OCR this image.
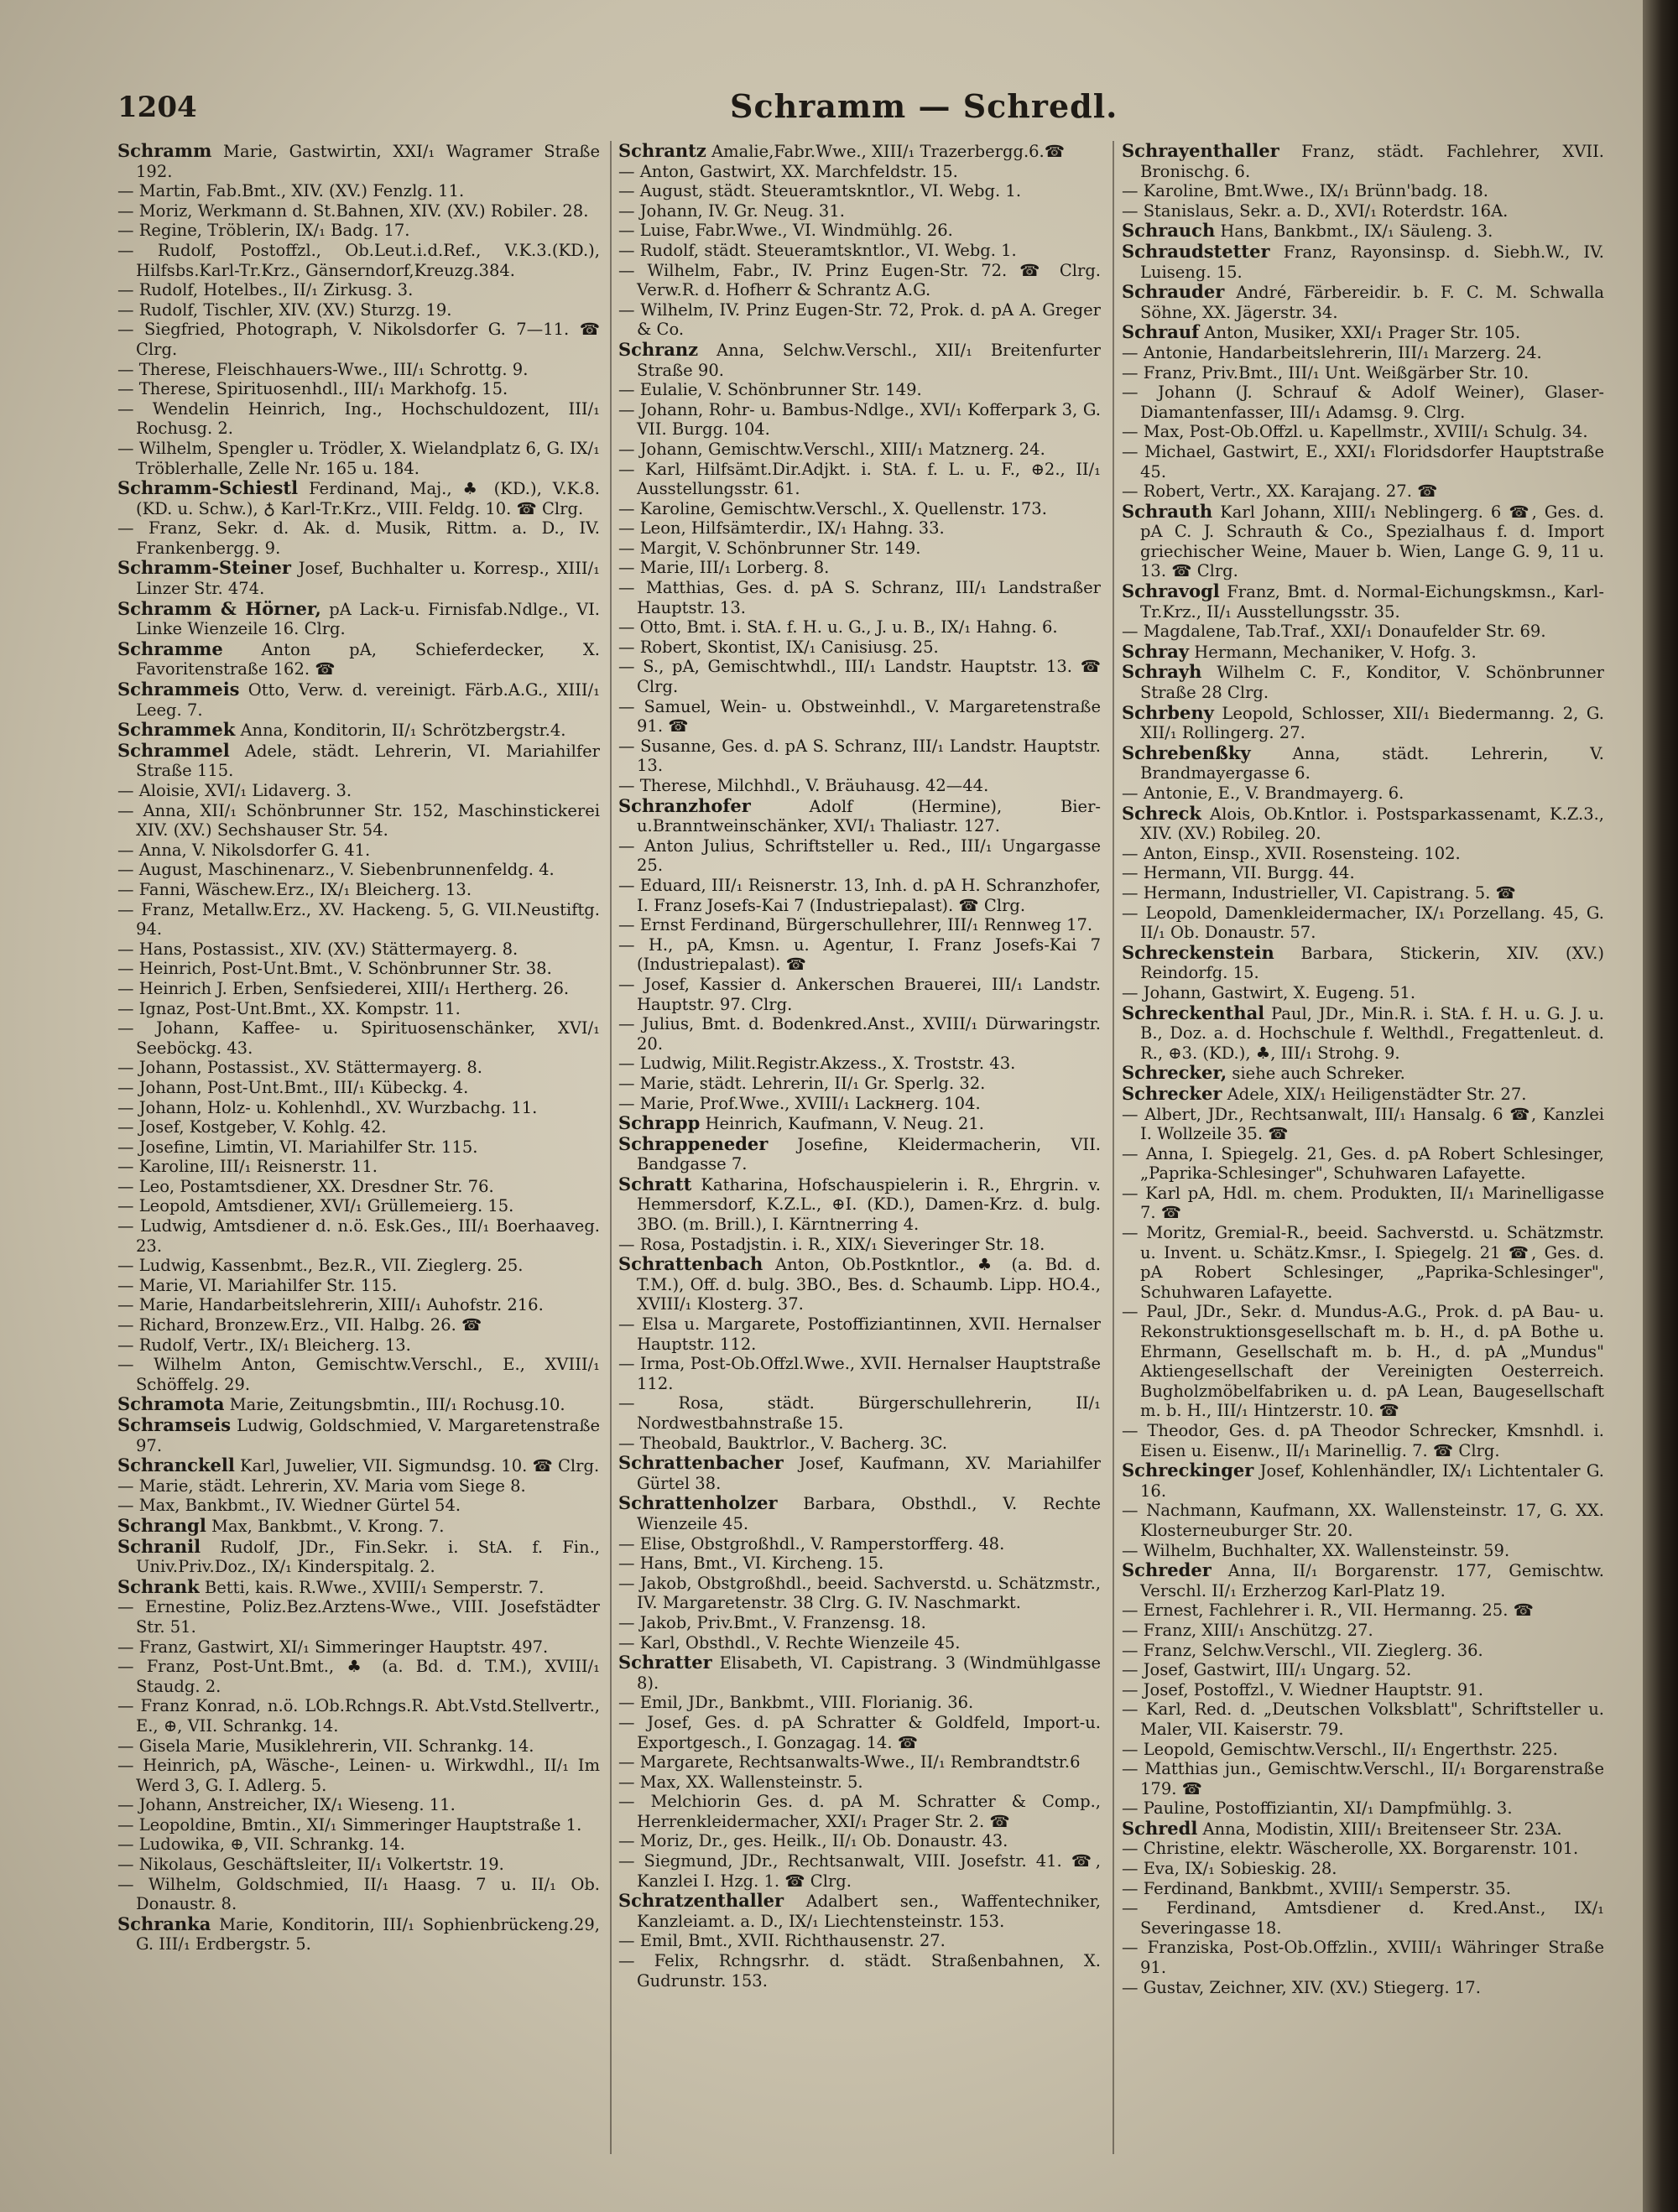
1204	Schramm — Schredl.
Schramm Marie, Gastwirtin, XXI/₁ Wagramer Straße 192.
— Martin, Fab.Bmt., XIV. (XV.) Fenzlg. 11.
— Moriz, Werkmann d. St.Bahnen, XIV. (XV.) Robilег. 28.
— Regine, Tröblerin, IX/₁ Badg. 17.
— Rudolf, Postoffzl., Ob.Leut.i.d.Ref., V.K.3.(KD.), Hilfsbs.Karl-Tr.Krz., Gänserndorf,Kreuzg.384.
— Rudolf, Hotelbes., II/₁ Zirkusg. 3.
— Rudolf, Tischler, XIV. (XV.) Sturzg. 19.
— Siegfried, Photograph, V. Nikolsdorfer G. 7—11. ☎ Clrg.
— Therese, Fleischhauers-Wwe., III/₁ Schrottg. 9.
— Therese, Spirituosenhdl., III/₁ Markhofg. 15.
— Wendelin Heinrich, Ing., Hochschuldozent, III/₁ Rochusg. 2.
— Wilhelm, Spengler u. Trödler, X. Wielandplatz 6, G. IX/₁ Tröblerhalle, Zelle Nr. 165 u. 184.
Schramm-Schiestl Ferdinand, Maj., ♣ (KD.), V.K.8. (KD. u. Schw.), ♁ Karl-Tr.Krz., VIII. Feldg. 10. ☎ Clrg.
— Franz, Sekr. d. Ak. d. Musik, Rittm. a. D., IV. Frankenbergg. 9.
Schramm-Steiner Josef, Buchhalter u. Korresp., XIII/₁ Linzer Str. 474.
Schramm & Hörner, pA Lack-u. Firnisfab.Ndlge., VI. Linke Wienzeile 16. Clrg.
Schramme Anton pA, Schieferdecker, X. Favoritenstraße 162. ☎
Schrammeis Otto, Verw. d. vereinigt. Färb.A.G., XIII/₁ Leeg. 7.
Schrammek Anna, Konditorin, II/₁ Schrötzbergstr.4.
Schrammel Adele, städt. Lehrerin, VI. Mariahilfer Straße 115.
— Aloisie, XVI/₁ Lidaverg. 3.
— Anna, XII/₁ Schönbrunner Str. 152, Maschinstickerei XIV. (XV.) Sechshauser Str. 54.
— Anna, V. Nikolsdorfer G. 41.
— August, Maschinenarz., V. Siebenbrunnenfeldg. 4.
— Fanni, Wäschew.Erz., IX/₁ Bleicherg. 13.
— Franz, Metallw.Erz., XV. Hackeng. 5, G. VII.Neustiftg. 94.
— Hans, Postassist., XIV. (XV.) Stättermayerg. 8.
— Heinrich, Post-Unt.Bmt., V. Schönbrunner Str. 38.
— Heinrich J. Erben, Senfsiederei, XIII/₁ Hertherg. 26.
— Ignaz, Post-Unt.Bmt., XX. Kompstr. 11.
— Johann, Kaffee- u. Spirituosenschänker, XVI/₁ Seeböckg. 43.
— Johann, Postassist., XV. Stättermayerg. 8.
— Johann, Post-Unt.Bmt., III/₁ Kübeckg. 4.
— Johann, Holz- u. Kohlenhdl., XV. Wurzbachg. 11.
— Josef, Kostgeber, V. Kohlg. 42.
— Josefine, Limtin, VI. Mariahilfer Str. 115.
— Karoline, III/₁ Reisnerstr. 11.
— Leo, Postamtsdiener, XX. Dresdner Str. 76.
— Leopold, Amtsdiener, XVI/₁ Grüllemeierg. 15.
— Ludwig, Amtsdiener d. n.ö. Esk.Ges., III/₁ Boerhaaveg. 23.
— Ludwig, Kassenbmt., Bez.R., VII. Zieglerg. 25.
— Marie, VI. Mariahilfer Str. 115.
— Marie, Handarbeitslehrerin, XIII/₁ Auhofstr. 216.
— Richard, Bronzew.Erz., VII. Halbg. 26. ☎
— Rudolf, Vertr., IX/₁ Bleicherg. 13.
— Wilhelm Anton, Gemischtw.Verschl., E., XVIII/₁ Schöffelg. 29.
Schramota Marie, Zeitungsbmtin., III/₁ Rochusg.10.
Schramseis Ludwig, Goldschmied, V. Margaretenstraße 97.
Schranckell Karl, Juwelier, VII. Sigmundsg. 10. ☎ Clrg.
— Marie, städt. Lehrerin, XV. Maria vom Siege 8.
— Max, Bankbmt., IV. Wiedner Gürtel 54.
Schrangl Max, Bankbmt., V. Krong. 7.
Schranil Rudolf, JDr., Fin.Sekr. i. StA. f. Fin., Univ.Priv.Doz., IX/₁ Kinderspitalg. 2.
Schrank Betti, kais. R.Wwe., XVIII/₁ Semperstr. 7.
— Ernestine, Poliz.Bez.Arztens-Wwe., VIII. Josefstädter Str. 51.
— Franz, Gastwirt, XI/₁ Simmeringer Hauptstr. 497.
— Franz, Post-Unt.Bmt., ♣ (a. Bd. d. T.M.), XVIII/₁ Staudg. 2.
— Franz Konrad, n.ö. LOb.Rchngs.R. Abt.Vstd.Stellvertr., E., ⊕, VII. Schrankg. 14.
— Gisela Marie, Musiklehrerin, VII. Schrankg. 14.
— Heinrich, pA, Wäsche-, Leinen- u. Wirkwdhl., II/₁ Im Werd 3, G. I. Adlerg. 5.
— Johann, Anstreicher, IX/₁ Wieseng. 11.
— Leopoldine, Bmtin., XI/₁ Simmeringer Hauptstraße 1.
— Ludowika, ⊕, VII. Schrankg. 14.
— Nikolaus, Geschäftsleiter, II/₁ Volkertstr. 19.
— Wilhelm, Goldschmied, II/₁ Haasg. 7 u. II/₁ Ob. Donaustr. 8.
Schranka Marie, Konditorin, III/₁ Sophienbrückeng.29, G. III/₁ Erdbergstr. 5.
Schrantz Amalie,Fabr.Wwe., XIII/₁ Trazerbergg.6.☎
— Anton, Gastwirt, XX. Marchfeldstr. 15.
— August, städt. Steueramtskntlor., VI. Webg. 1.
— Johann, IV. Gr. Neug. 31.
— Luise, Fabr.Wwe., VI. Windmühlg. 26.
— Rudolf, städt. Steueramtskntlor., VI. Webg. 1.
— Wilhelm, Fabr., IV. Prinz Eugen-Str. 72. ☎ Clrg. Verw.R. d. Hofherr & Schrantz A.G.
— Wilhelm, IV. Prinz Eugen-Str. 72, Prok. d. pA A. Greger & Co.
Schranz Anna, Selchw.Verschl., XII/₁ Breitenfurter Straße 90.
— Eulalie, V. Schönbrunner Str. 149.
— Johann, Rohr- u. Bambus-Ndlge., XVI/₁ Kofferpark 3, G. VII. Burgg. 104.
— Johann, Gemischtw.Verschl., XIII/₁ Matznerg. 24.
— Karl, Hilfsämt.Dir.Adjkt. i. StA. f. L. u. F., ⊕2., II/₁ Ausstellungsstr. 61.
— Karoline, Gemischtw.Verschl., X. Quellenstr. 173.
— Leon, Hilfsämterdir., IX/₁ Hahng. 33.
— Margit, V. Schönbrunner Str. 149.
— Marie, III/₁ Lorberg. 8.
— Matthias, Ges. d. pA S. Schranz, III/₁ Landstraßer Hauptstr. 13.
— Otto, Bmt. i. StA. f. H. u. G., J. u. B., IX/₁ Hahng. 6.
— Robert, Skontist, IX/₁ Canisiusg. 25.
— S., pA, Gemischtwhdl., III/₁ Landstr. Hauptstr. 13. ☎ Clrg.
— Samuel, Wein- u. Obstweinhdl., V. Margaretenstraße 91. ☎
— Susanne, Ges. d. pA S. Schranz, III/₁ Landstr. Hauptstr. 13.
— Therese, Milchhdl., V. Bräuhausg. 42—44.
Schranzhofer	Adolf (Hermine), Bier-u.Branntweinschänker, XVI/₁ Thaliastr. 127.
— Anton Julius, Schriftsteller u. Red., III/₁ Ungargasse 25.
— Eduard, III/₁ Reisnerstr. 13, Inh. d. pA H. Schranzhofer, I. Franz Josefs-Kai 7 (Industriepalast). ☎ Clrg.
— Ernst Ferdinand, Bürgerschullehrer, III/₁ Rennweg 17.
— H., pA, Kmsn. u. Agentur, I. Franz Josefs-Kai 7 (Industriepalast). ☎
— Josef, Kassier d. Ankerschen Brauerei, III/₁ Landstr. Hauptstr. 97. Clrg.
— Julius, Bmt. d. Bodenkred.Anst., XVIII/₁ Dürwaringstr. 20.
— Ludwig, Milit.Registr.Akzess., X. Troststr. 43.
— Marie, städt. Lehrerin, II/₁ Gr. Sperlg. 32.
— Marie, Prof.Wwe., XVIII/₁ Lackнerg. 104.
Schrapp Heinrich, Kaufmann, V. Neug. 21.
Schrappeneder Josefine, Kleidermacherin, VII. Bandgasse 7.
Schratt Katharina, Hofschauspielerin i. R., Ehrgrin. v. Hemmersdorf, K.Z.L., ⊕I. (KD.), Damen-Krz. d. bulg. 3BO. (m. Brill.), I. Kärntnerring 4.
— Rosa, Postadjstin. i. R., XIX/₁ Sieveringer Str. 18.
Schrattenbach Anton, Ob.Postkntlor., ♣ (a. Bd. d. T.M.), Off. d. bulg. 3BO., Bes. d. Schaumb. Lipp. HO.4., XVIII/₁ Klosterg. 37.
— Elsa u. Margarete, Postoffiziantinnen, XVII. Hernalser Hauptstr. 112.
— Irma, Post-Ob.Offzl.Wwe., XVII. Hernalser Hauptstraße 112.
— Rosa, städt. Bürgerschullehrerin, II/₁ Nordwestbahnstraße 15.
— Theobald, Bauktrlor., V. Bacherg. 3C.
Schrattenbacher Josef, Kaufmann, XV. Mariahilfer Gürtel 38.
Schrattenholzer Barbara, Obsthdl., V. Rechte Wienzeile 45.
— Elise, Obstgroßhdl., V. Ramperstorfferg. 48.
— Hans, Bmt., VI. Kircheng. 15.
— Jakob, Obstgroßhdl., beeid. Sachverstd. u. Schätzmstr., IV. Margaretenstr. 38 Clrg. G. IV. Naschmarkt.
— Jakob, Priv.Bmt., V. Franzensg. 18.
— Karl, Obsthdl., V. Rechte Wienzeile 45.
Schratter Elisabeth, VI. Capistrang. 3 (Windmühlgasse 8).
— Emil, JDr., Bankbmt., VIII. Florianig. 36.
— Josef, Ges. d. pA Schratter & Goldfeld, Import-u. Exportgesch., I. Gonzagag. 14. ☎
— Margarete, Rechtsanwalts-Wwe., II/₁ Rembrandtstr.6
— Max, XX. Wallensteinstr. 5.
— Melchiorin Ges. d. pA M. Schratter & Comp., Herrenkleidermacher, XXI/₁ Prager Str. 2. ☎
— Moriz, Dr., ges. Heilk., II/₁ Ob. Donaustr. 43.
— Siegmund, JDr., Rechtsanwalt, VIII. Josefstr. 41. ☎, Kanzlei I. Hzg. 1. ☎ Clrg.
Schratzenthaller Adalbert sen., Waffentechniker, Kanzleiamt. a. D., IX/₁ Liechtensteinstr. 153.
— Emil, Bmt., XVII. Richthausenstr. 27.
— Felix, Rchngsrhr. d. städt. Straßenbahnen, X. Gudrunstr. 153.
Schrayenthaller Franz, städt. Fachlehrer, XVII. Bronischg. 6.
— Karoline, Bmt.Wwe., IX/₁ Brünn'badg. 18.
— Stanislaus, Sekr. a. D., XVI/₁ Roterdstr. 16A.
Schrauch Hans, Bankbmt., IX/₁ Säuleng. 3.
Schraudstetter Franz, Rayonsinsp. d. Siebh.W., IV. Luiseng. 15.
Schrauder André, Färbereidir. b. F. C. M. Schwalla Söhne, XX. Jägerstr. 34.
Schrauf Anton, Musiker, XXI/₁ Prager Str. 105.
— Antonie, Handarbeitslehrerin, III/₁ Marzerg. 24.
— Franz, Priv.Bmt., III/₁ Unt. Weißgärber Str. 10.
— Johann (J. Schrauf & Adolf Weiner), Glaser-Diamantenfasser, III/₁ Adamsg. 9. Clrg.
— Max, Post-Ob.Offzl. u. Kapellmstr., XVIII/₁ Schulg. 34.
— Michael, Gastwirt, E., XXI/₁ Floridsdorfer Hauptstraße 45.
— Robert, Vertr., XX. Karajang. 27. ☎
Schrauth Karl Johann, XIII/₁ Neblingerg. 6 ☎, Ges. d. pA C. J. Schrauth & Co., Spezialhaus f. d. Import griechischer Weine, Mauer b. Wien, Lange G. 9, 11 u. 13. ☎ Clrg.
Schravogl Franz, Bmt. d. Normal-Eichungskmsn., Karl-Tr.Krz., II/₁ Ausstellungsstr. 35.
— Magdalene, Tab.Traf., XXI/₁ Donaufelder Str. 69.
Schray Hermann, Mechaniker, V. Hofg. 3.
Schrayh Wilhelm C. F., Konditor, V. Schönbrunner Straße 28 Clrg.
Schrbeny Leopold, Schlosser, XII/₁ Biedermanng. 2, G. XII/₁ Rollingerg. 27.
Schrebenßky	Anna, städt. Lehrerin, V. Brandmayergasse 6.
— Antonie, E., V. Brandmayerg. 6.
Schreck Alois, Ob.Kntlor. i. Postsparkassenamt, K.Z.3., XIV. (XV.) Robileg. 20.
— Anton, Einsp., XVII. Rosensteing. 102.
— Hermann, VII. Burgg. 44.
— Hermann, Industrieller, VI. Capistrang. 5. ☎
— Leopold, Damenkleidermacher, IX/₁ Porzellang. 45, G. II/₁ Ob. Donaustr. 57.
Schreckenstein Barbara, Stickerin, XIV. (XV.) Reindorfg. 15.
— Johann, Gastwirt, X. Eugeng. 51.
Schreckenthal Paul, JDr., Min.R. i. StA. f. H. u. G. J. u. B., Doz. a. d. Hochschule f. Welthdl., Fregattenleut. d. R., ⊕3. (KD.), ♣, III/₁ Strohg. 9.
Schrecker, siehe auch Schreker.
Schrecker Adele, XIX/₁ Heiligenstädter Str. 27.
— Albert, JDr., Rechtsanwalt, III/₁ Hansalg. 6 ☎, Kanzlei I. Wollzeile 35. ☎
— Anna, I. Spiegelg. 21, Ges. d. pA Robert Schlesinger, „Paprika-Schlesinger", Schuhwaren Lafayette.
— Karl pA, Hdl. m. chem. Produkten, II/₁ Marinelligasse 7. ☎
— Moritz, Gremial-R., beeid. Sachverstd. u. Schätzmstr. u. Invent. u. Schätz.Kmsr., I. Spiegelg. 21 ☎, Ges. d. pA Robert Schlesinger, „Paprika-Schlesinger", Schuhwaren Lafayette.
— Paul, JDr., Sekr. d. Mundus-A.G., Prok. d. pA Bau- u. Rekonstruktionsgesellschaft m. b. H., d. pA Bothe u. Ehrmann, Gesellschaft m. b. H., d. pA „Mundus" Aktiengesellschaft der Vereinigten Oesterreich. Bugholzmöbelfabriken u. d. pA Lean, Baugesellschaft m. b. H., III/₁ Hintzerstr. 10. ☎
— Theodor, Ges. d. pA Theodor Schrecker, Kmsnhdl. i. Eisen u. Eisenw., II/₁ Marinellig. 7. ☎ Clrg.
Schreckinger Josef, Kohlenhändler, IX/₁ Lichtentaler G. 16.
— Nachmann, Kaufmann, XX. Wallensteinstr. 17, G. XX. Klosterneuburger Str. 20.
— Wilhelm, Buchhalter, XX. Wallensteinstr. 59.
Schreder Anna, II/₁ Borgarenstr. 177, Gemischtw. Verschl. II/₁ Erzherzog Karl-Platz 19.
— Ernest, Fachlehrer i. R., VII. Hermanng. 25. ☎
— Franz, XIII/₁ Anschützg. 27.
— Franz, Selchw.Verschl., VII. Zieglerg. 36.
— Josef, Gastwirt, III/₁ Ungarg. 52.
— Josef, Postoffzl., V. Wiedner Hauptstr. 91.
— Karl, Red. d. „Deutschen Volksblatt", Schriftsteller u. Maler, VII. Kaiserstr. 79.
— Leopold, Gemischtw.Verschl., II/₁ Engerthstr. 225.
— Matthias jun., Gemischtw.Verschl., II/₁ Borgarenstraße 179. ☎
— Pauline, Postoffiziantin, XI/₁ Dampfmühlg. 3.
Schredl Anna, Modistin, XIII/₁ Breitenseer Str. 23A.
— Christine, elektr. Wäscherolle, XX. Borgarenstr. 101.
— Eva, IX/₁ Sobieskig. 28.
— Ferdinand, Bankbmt., XVIII/₁ Semperstr. 35.
— Ferdinand, Amtsdiener d. Kred.Anst., IX/₁ Severingasse 18.
— Franziska, Post-Ob.Offzlin., XVIII/₁ Währinger Straße 91.
— Gustav, Zeichner, XIV. (XV.) Stiegerg. 17.
